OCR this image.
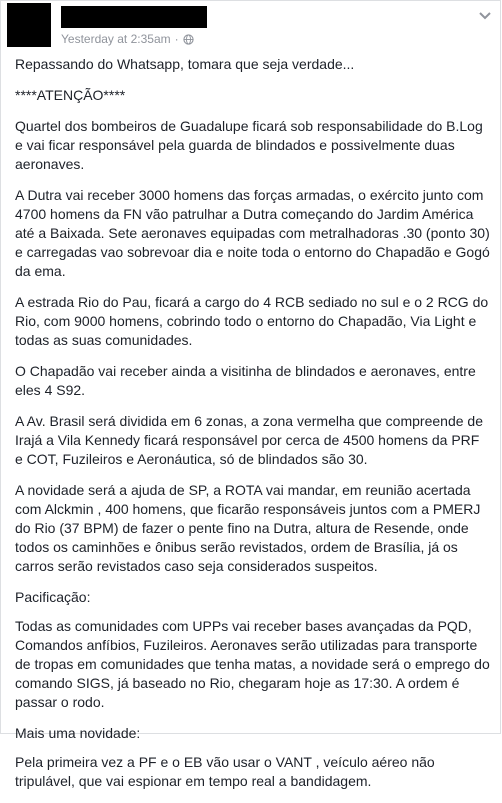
Yesterday at 2:35am ·

Repassando do Whatsapp, tomara que seja verdade...

****ATENÇÃO****

Quartel dos bombeiros de Guadalupe ficará sob responsabilidade do B.Log e vai ficar responsável pela guarda de blindados e possivelmente duas aeronaves.

A Dutra vai receber 3000 homens das forças armadas, o exército junto com 4700 homens da FN vão patrulhar a Dutra começando do Jardim América até a Baixada. Sete aeronaves equipadas com metralhadoras .30 (ponto 30) e carregadas vao sobrevoar dia e noite toda o entorno do Chapadão e Gogó da ema.

A estrada Rio do Pau, ficará a cargo do 4 RCB sediado no sul e o 2 RCG do Rio, com 9000 homens, cobrindo todo o entorno do Chapadão, Via Light e todas as suas comunidades.

O Chapadão vai receber ainda a visitinha de blindados e aeronaves, entre eles 4 S92.

A Av. Brasil será dividida em 6 zonas, a zona vermelha que compreende de Irajá a Vila Kennedy ficará responsável por cerca de 4500 homens da PRF e COT, Fuzileiros e Aeronáutica, só de blindados são 30.

A novidade será a ajuda de SP, a ROTA vai mandar, em reunião acertada com Alckmin , 400 homens, que ficarão responsáveis juntos com a PMERJ do Rio (37 BPM) de fazer o pente fino na Dutra, altura de Resende, onde todos os caminhões e ônibus serão revistados, ordem de Brasília, já os carros serão revistados caso seja considerados suspeitos.

Pacificação:

Todas as comunidades com UPPs vai receber bases avançadas da PQD, Comandos anfíbios, Fuzileiros. Aeronaves serão utilizadas para transporte de tropas em comunidades que tenha matas, a novidade será o emprego do comando SIGS, já baseado no Rio, chegaram hoje as 17:30. A ordem é passar o rodo.

Mais uma novidade:

Pela primeira vez a PF e o EB vão usar o VANT , veículo aéreo não tripulável, que vai espionar em tempo real a bandidagem.
